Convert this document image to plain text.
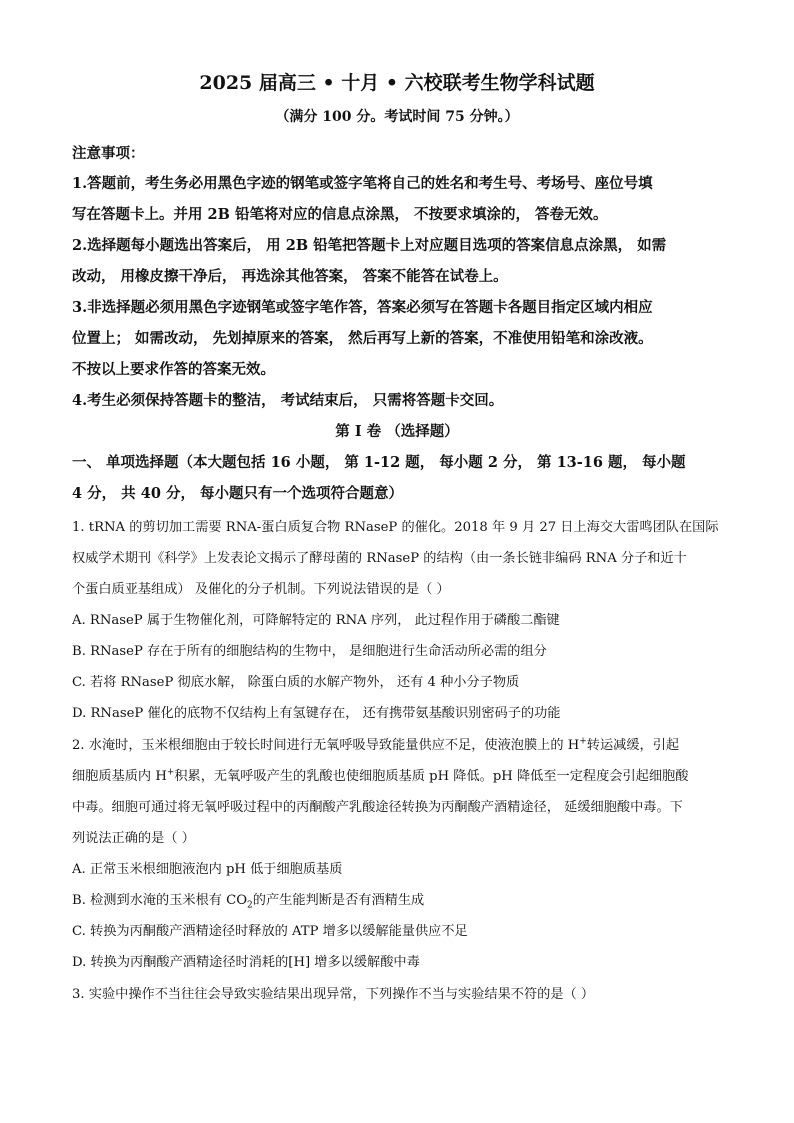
2025 届高三 • 十月 • 六校联考生物学科试题
（满分 100 分。考试时间 75 分钟。）
注意事项：
1.答题前，考生务必用黑色字迹的钢笔或签字笔将自己的姓名和考生号、考场号、座位号填
写在答题卡上。并用 2B 铅笔将对应的信息点涂黑， 不按要求填涂的， 答卷无效。
2.选择题每小题选出答案后， 用 2B 铅笔把答题卡上对应题目选项的答案信息点涂黑， 如需
改动， 用橡皮擦干净后， 再选涂其他答案， 答案不能答在试卷上。
3.非选择题必须用黑色字迹钢笔或签字笔作答，答案必须写在答题卡各题目指定区域内相应
位置上； 如需改动， 先划掉原来的答案， 然后再写上新的答案，不准使用铅笔和涂改液。
不按以上要求作答的答案无效。
4.考生必须保持答题卡的整洁， 考试结束后， 只需将答题卡交回。
第 Ⅰ 卷 （选择题）
一、 单项选择题（本大题包括 16 小题， 第 1-12 题， 每小题 2 分， 第 13-16 题， 每小题
4 分， 共 40 分， 每小题只有一个选项符合题意）
1. tRNA 的剪切加工需要 RNA-蛋白质复合物 RNaseP 的催化。2018 年 9 月 27 日上海交大雷鸣团队在国际
权威学术期刊《科学》上发表论文揭示了酵母菌的 RNaseP 的结构（由一条长链非编码 RNA 分子和近十
个蛋白质亚基组成） 及催化的分子机制。下列说法错误的是（ ）
A. RNaseP 属于生物催化剂，可降解特定的 RNA 序列， 此过程作用于磷酸二酯键
B. RNaseP 存在于所有的细胞结构的生物中， 是细胞进行生命活动所必需的组分
C. 若将 RNaseP 彻底水解， 除蛋白质的水解产物外， 还有 4 种小分子物质
D. RNaseP 催化的底物不仅结构上有氢键存在， 还有携带氨基酸识别密码子的功能
2. 水淹时，玉米根细胞由于较长时间进行无氧呼吸导致能量供应不足，使液泡膜上的 H+转运减缓，引起
细胞质基质内 H+积累，无氧呼吸产生的乳酸也使细胞质基质 pH 降低。pH 降低至一定程度会引起细胞酸
中毒。细胞可通过将无氧呼吸过程中的丙酮酸产乳酸途径转换为丙酮酸产酒精途径， 延缓细胞酸中毒。下
列说法正确的是（ ）
A. 正常玉米根细胞液泡内 pH 低于细胞质基质
B. 检测到水淹的玉米根有 $CO_2$的产生能判断是否有酒精生成
C. 转换为丙酮酸产酒精途径时释放的 ATP 增多以缓解能量供应不足
D. 转换为丙酮酸产酒精途径时消耗的[H] 增多以缓解酸中毒
3. 实验中操作不当往往会导致实验结果出现异常，下列操作不当与实验结果不符的是（ ）
